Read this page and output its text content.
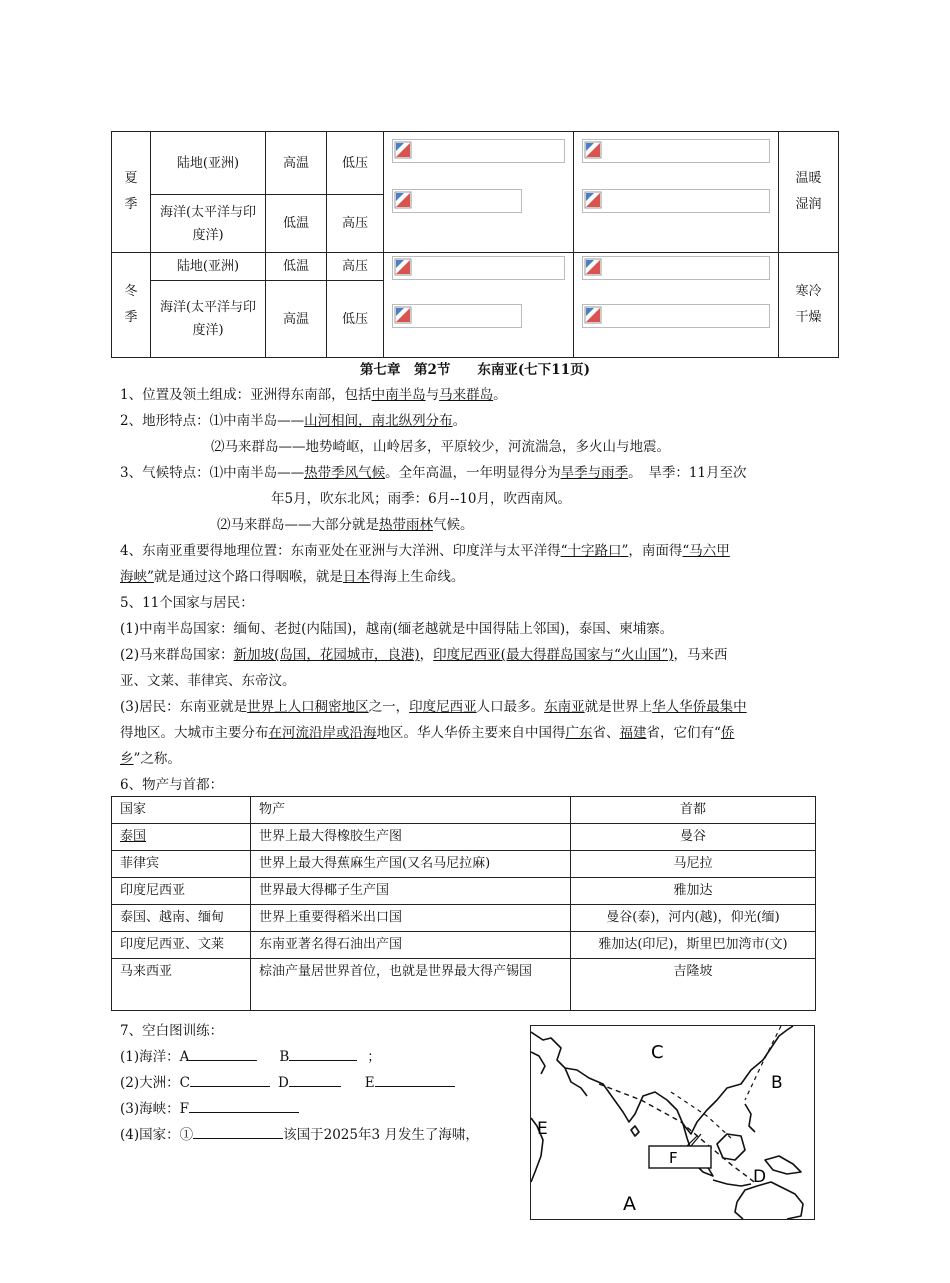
夏季	陆地(亚洲)	高温	低压			温暖湿润
	海洋(太平洋与印度洋)	低温	高压			
冬季	陆地(亚洲)	低温	高压			寒冷干燥
	海洋(太平洋与印度洋)	高温	低压			
第七章　第2节　　东南亚(七下11页)
1、位置及领土组成：亚洲得东南部，包括中南半岛与马来群岛。
2、地形特点：⑴中南半岛——山河相间，南北纵列分布。
⑵马来群岛——地势崎岖，山岭居多，平原较少，河流湍急，多火山与地震。
3、气候特点：⑴中南半岛——热带季风气候。全年高温，一年明显得分为旱季与雨季。　旱季：11月至次
年5月，吹东北风；雨季：6月--10月，吹西南风。
⑵马来群岛——大部分就是热带雨林气候。
4、东南亚重要得地理位置：东南亚处在亚洲与大洋洲、印度洋与太平洋得“十字路口”，南面得“马六甲
海峡”就是通过这个路口得咽喉，就是日本得海上生命线。
5、11个国家与居民：
(1)中南半岛国家：缅甸、老挝(内陆国)，越南(缅老越就是中国得陆上邻国)，泰国、柬埔寨。
(2)马来群岛国家：新加坡(岛国，花园城市，良港)，印度尼西亚(最大得群岛国家与“火山国”)，马来西
亚、文莱、菲律宾、东帝汶。
(3)居民：东南亚就是世界上人口稠密地区之一，印度尼西亚人口最多。东南亚就是世界上华人华侨最集中
得地区。大城市主要分布在河流沿岸或沿海地区。华人华侨主要来自中国得广东省、福建省，它们有“侨
乡”之称。
6、物产与首都：
国家	物产	首都
泰国	世界上最大得橡胶生产图	曼谷
菲律宾	世界上最大得蕉麻生产国(又名马尼拉麻)	马尼拉
印度尼西亚	世界最大得椰子生产国	雅加达
泰国、越南、缅甸	世界上重要得稻米出口国	曼谷(泰)，河内(越)，仰光(缅)
印度尼西亚、文莱	东南亚著名得石油出产国	雅加达(印尼)，斯里巴加湾市(文)
马来西亚	棕油产量居世界首位，也就是世界最大得产锡国	吉隆坡
7、空白图训练：
(1)海洋：A	B	；
(2)大洲：C	D	E
(3)海峡：F
(4)国家：①	该国于2025年3 月发生了海啸，
F
C
B
E
D
A
